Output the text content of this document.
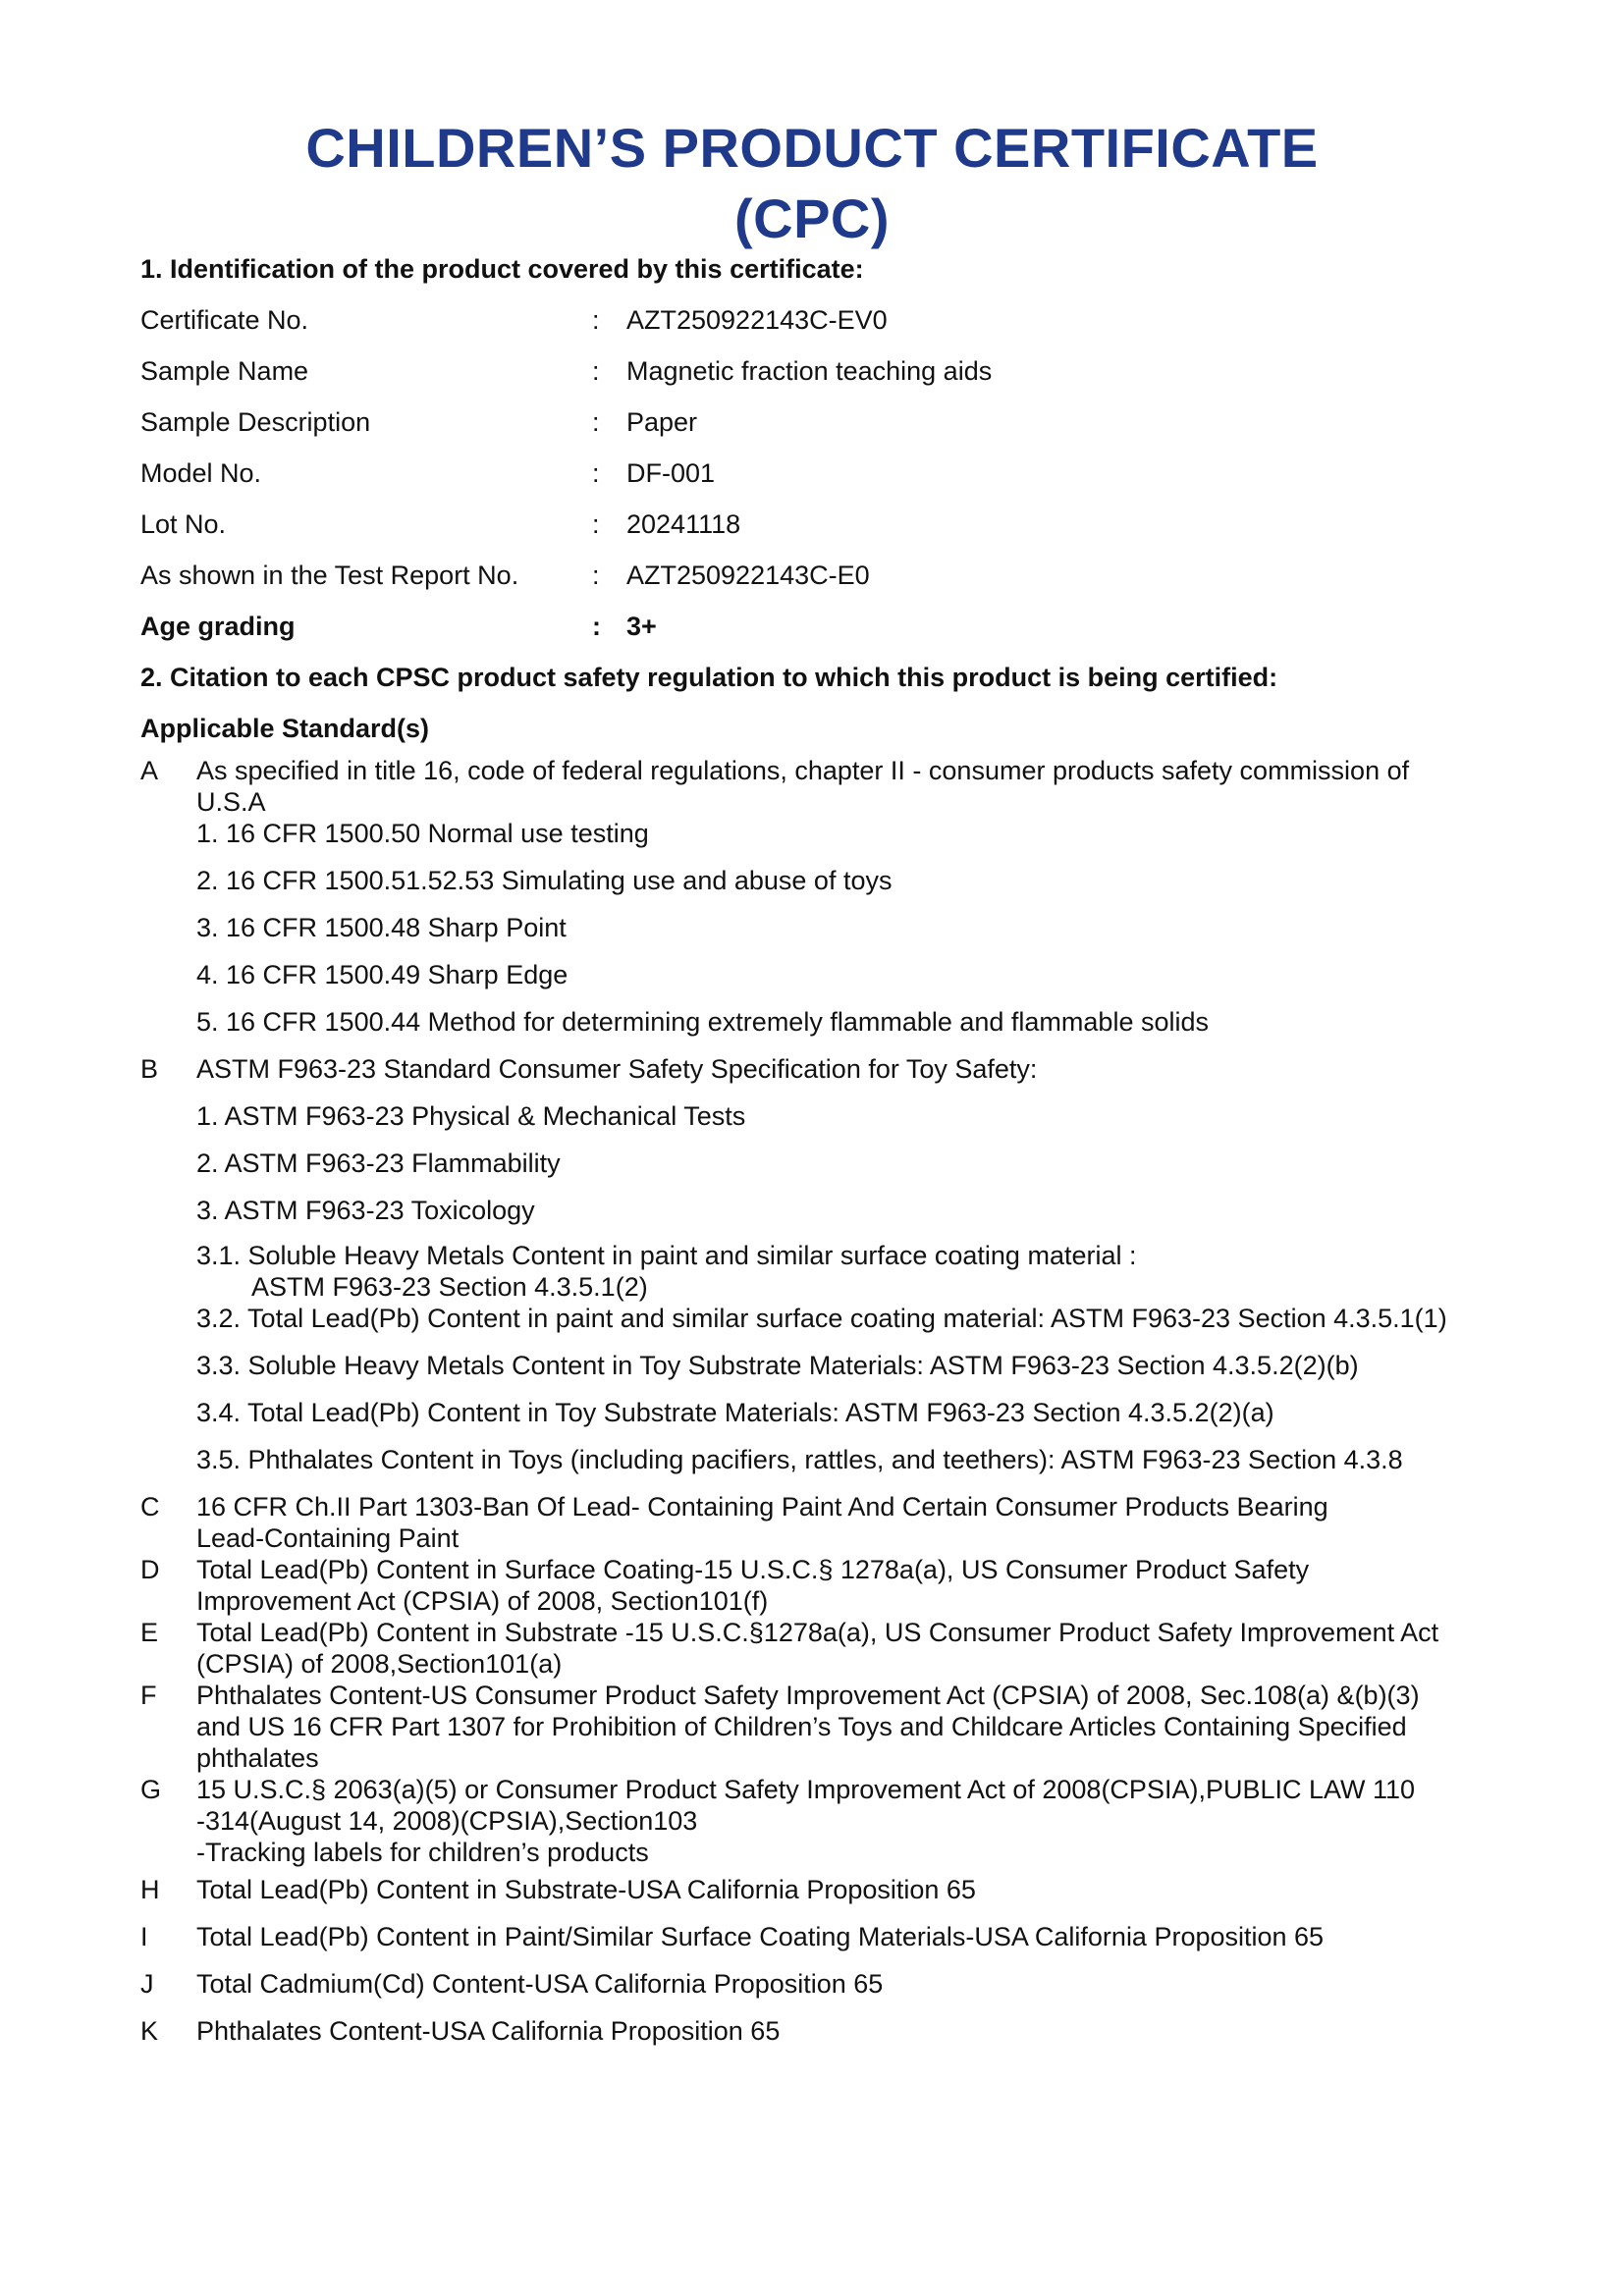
CHILDREN’S PRODUCT CERTIFICATE
(CPC)
1. Identification of the product covered by this certificate:
Certificate No.	: AZT250922143C-EV0
Sample Name	: Magnetic fraction teaching aids
Sample Description	: Paper
Model No.	: DF-001
Lot No.	: 20241118
As shown in the Test Report No.	: AZT250922143C-E0
Age grading	: 3+
2. Citation to each CPSC product safety regulation to which this product is being certified:
Applicable Standard(s)
A As specified in title 16, code of federal regulations, chapter II - consumer products safety commission of
U.S.A
1. 16 CFR 1500.50 Normal use testing
2. 16 CFR 1500.51.52.53 Simulating use and abuse of toys
3. 16 CFR 1500.48 Sharp Point
4. 16 CFR 1500.49 Sharp Edge
5. 16 CFR 1500.44 Method for determining extremely flammable and flammable solids
B ASTM F963-23 Standard Consumer Safety Specification for Toy Safety:
1. ASTM F963-23 Physical & Mechanical Tests
2. ASTM F963-23 Flammability
3. ASTM F963-23 Toxicology
3.1. Soluble Heavy Metals Content in paint and similar surface coating material :
ASTM F963-23 Section 4.3.5.1(2)
3.2. Total Lead(Pb) Content in paint and similar surface coating material: ASTM F963-23 Section 4.3.5.1(1)
3.3. Soluble Heavy Metals Content in Toy Substrate Materials: ASTM F963-23 Section 4.3.5.2(2)(b)
3.4. Total Lead(Pb) Content in Toy Substrate Materials: ASTM F963-23 Section 4.3.5.2(2)(a)
3.5. Phthalates Content in Toys (including pacifiers, rattles, and teethers): ASTM F963-23 Section 4.3.8
C 16 CFR Ch.II Part 1303-Ban Of Lead- Containing Paint And Certain Consumer Products Bearing
Lead-Containing Paint
D Total Lead(Pb) Content in Surface Coating-15 U.S.C.§ 1278a(a), US Consumer Product Safety
Improvement Act (CPSIA) of 2008, Section101(f)
E Total Lead(Pb) Content in Substrate -15 U.S.C.§1278a(a), US Consumer Product Safety Improvement Act
(CPSIA) of 2008,Section101(a)
F Phthalates Content-US Consumer Product Safety Improvement Act (CPSIA) of 2008, Sec.108(a) &(b)(3)
and US 16 CFR Part 1307 for Prohibition of Children’s Toys and Childcare Articles Containing Specified
phthalates
G 15 U.S.C.§ 2063(a)(5) or Consumer Product Safety Improvement Act of 2008(CPSIA),PUBLIC LAW 110
-314(August 14, 2008)(CPSIA),Section103
-Tracking labels for children’s products
H Total Lead(Pb) Content in Substrate-USA California Proposition 65
I Total Lead(Pb) Content in Paint/Similar Surface Coating Materials-USA California Proposition 65
J Total Cadmium(Cd) Content-USA California Proposition 65
K Phthalates Content-USA California Proposition 65
